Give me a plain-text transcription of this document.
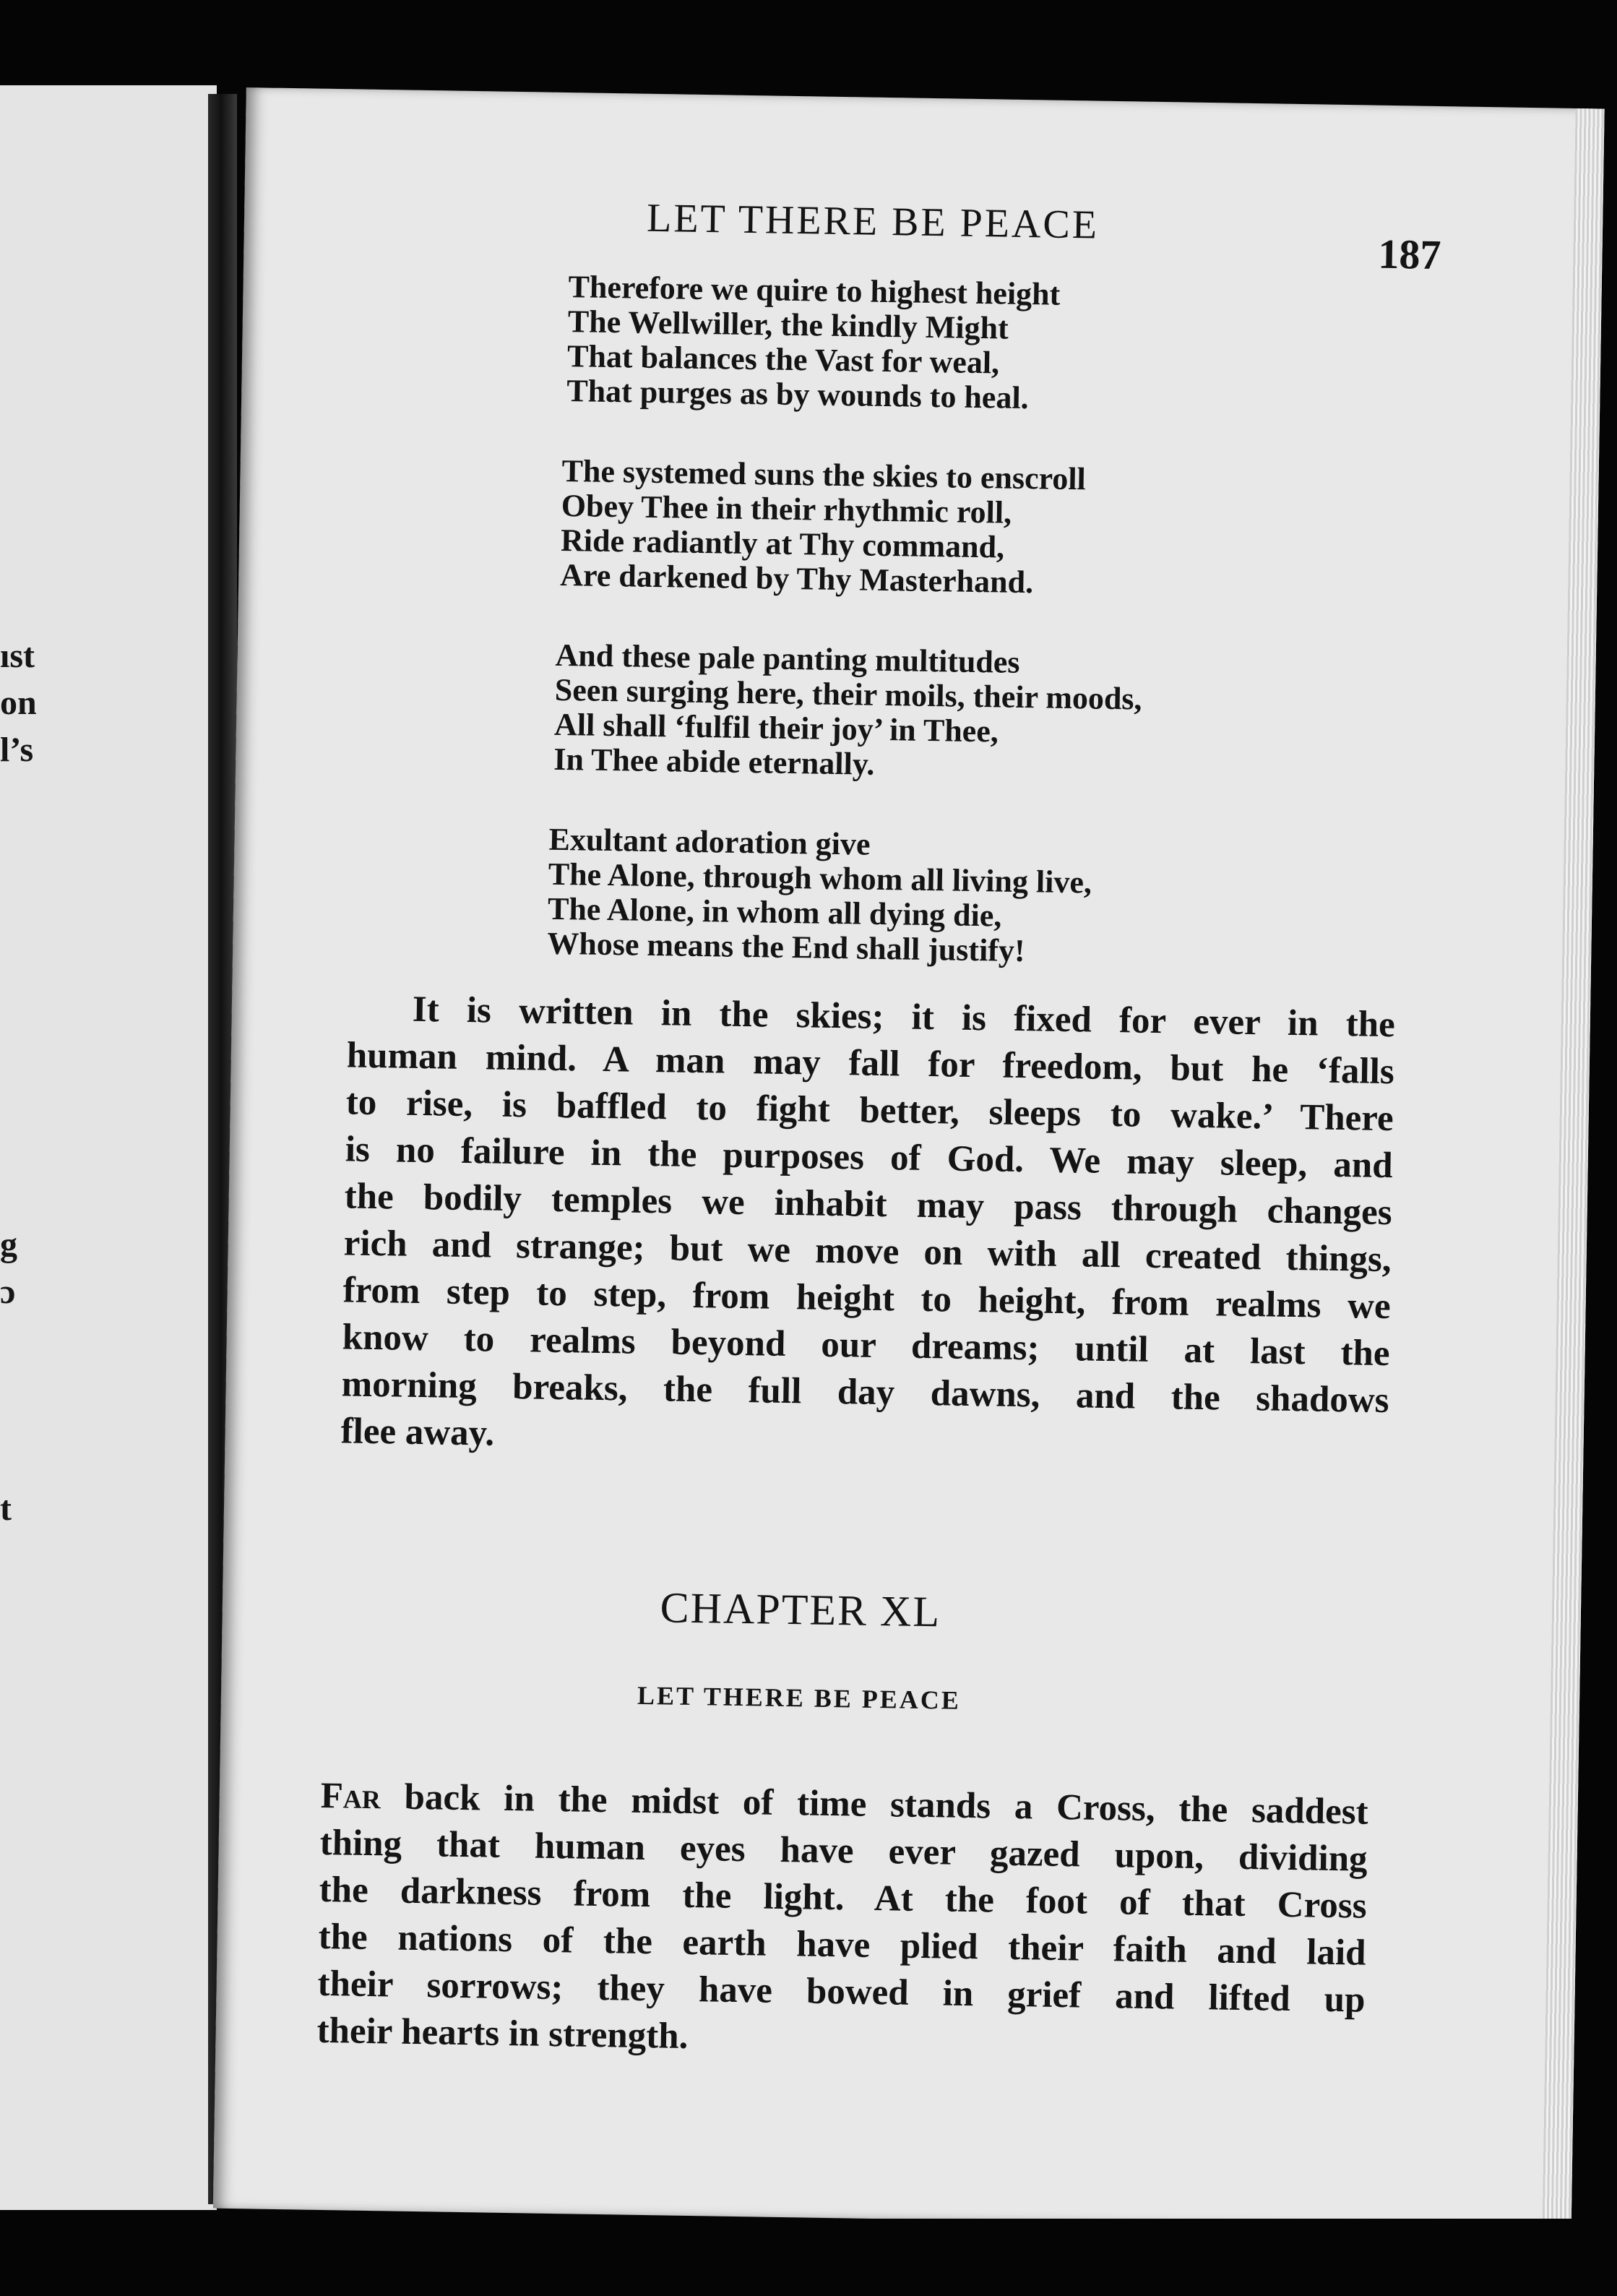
ıst
on
l’s
g
ɔ
t
LET THERE BE PEACE
187
Therefore we quire to highest height
The Wellwiller, the kindly Might
That balances the Vast for weal,
That purges as by wounds to heal.
The systemed suns the skies to enscroll
Obey Thee in their rhythmic roll,
Ride radiantly at Thy command,
Are darkened by Thy Masterhand.
And these pale panting multitudes
Seen surging here, their moils, their moods,
All shall ‘fulfil their joy’ in Thee,
In Thee abide eternally.
Exultant adoration give
The Alone, through whom all living live,
The Alone, in whom all dying die,
Whose means the End shall justify!
It is written in the skies; it is fixed for ever in the
human mind. A man may fall for freedom, but he ‘falls
to rise, is baffled to fight better, sleeps to wake.’ There
is no failure in the purposes of God. We may sleep, and
the bodily temples we inhabit may pass through changes
rich and strange; but we move on with all created things,
from step to step, from height to height, from realms we
know to realms beyond our dreams; until at last the
morning breaks, the full day dawns, and the shadows
flee away.
CHAPTER XL
LET THERE BE PEACE
Far back in the midst of time stands a Cross, the saddest
thing that human eyes have ever gazed upon, dividing
the darkness from the light. At the foot of that Cross
the nations of the earth have plied their faith and laid
their sorrows; they have bowed in grief and lifted up
their hearts in strength.
